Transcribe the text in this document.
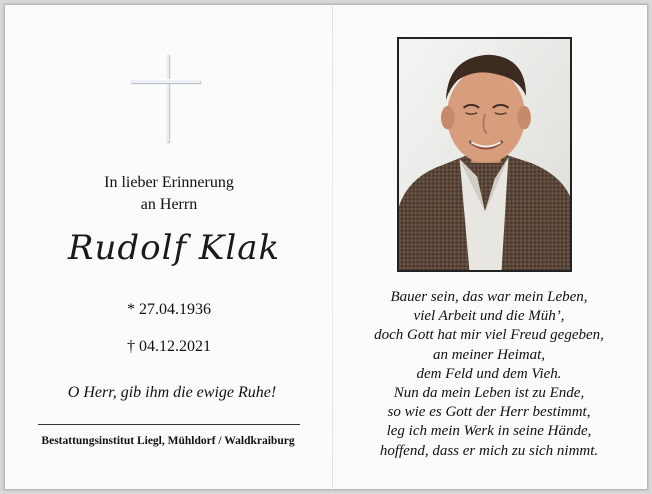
In lieber Erinnerung
an Herrn
Rudolf Klak
* 27.04.1936
† 04.12.2021
O Herr, gib ihm die ewige Ruhe!
Bestattungsinstitut Liegl, Mühldorf / Waldkraiburg
Bauer sein, das war mein Leben,
viel Arbeit und die Müh’,
doch Gott hat mir viel Freud gegeben,
an meiner Heimat,
dem Feld und dem Vieh.
Nun da mein Leben ist zu Ende,
so wie es Gott der Herr bestimmt,
leg ich mein Werk in seine Hände,
hoffend, dass er mich zu sich nimmt.
